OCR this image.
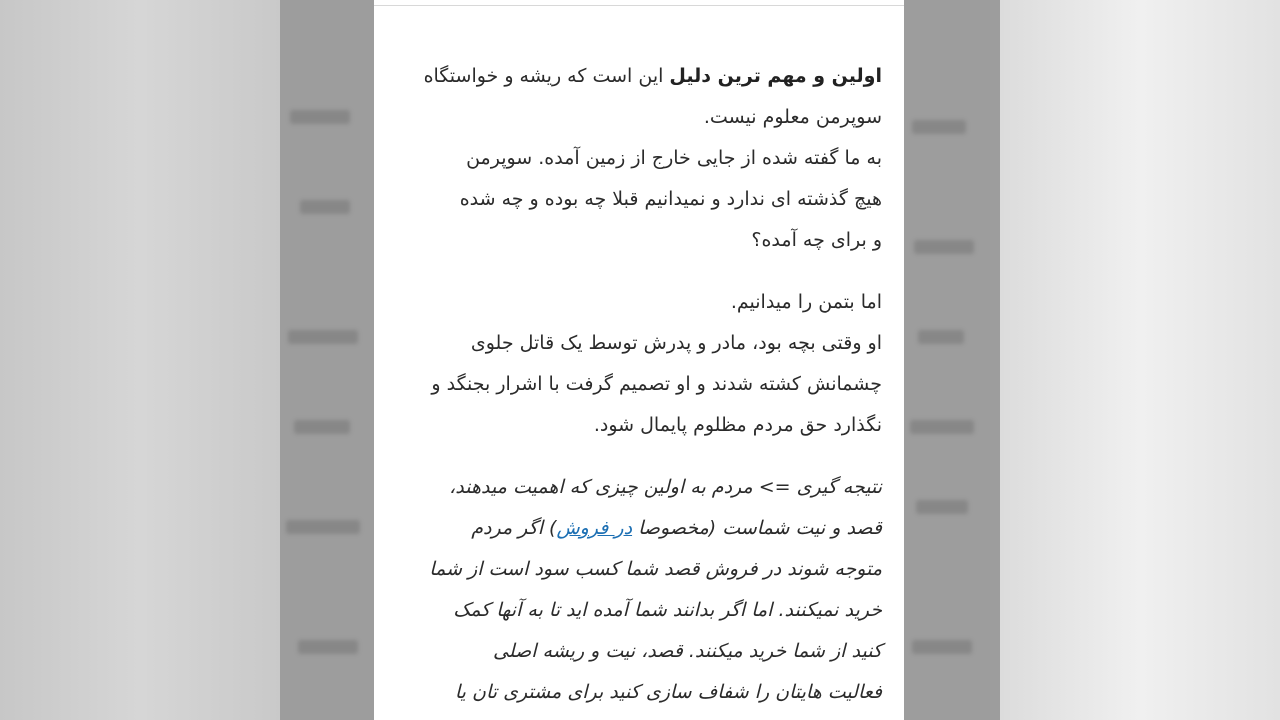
اولین و مهم ترین دلیل این است که ریشه و خواستگاه
سوپرمن معلوم نیست.
به ما گفته شده از جایی خارج از زمین آمده. سوپرمن
هیچ گذشته ای ندارد و نمیدانیم قبلا چه بوده و چه شده
و برای چه آمده؟

اما بتمن را میدانیم.
او وقتی بچه بود، مادر و پدرش توسط یک قاتل جلوی
چشمانش کشته شدند و او تصمیم گرفت با اشرار بجنگد و
نگذارد حق مردم مظلوم پایمال شود.

نتیجه گیری => مردم به اولین چیزی که اهمیت میدهند،
قصد و نیت شماست (مخصوصا در فروش) اگر مردم
متوجه شوند در فروش قصد شما کسب سود است از شما
خرید نمیکنند. اما اگر بدانند شما آمده اید تا به آنها کمک
کنید از شما خرید میکنند. قصد، نیت و ریشه اصلی
فعالیت هایتان را شفاف سازی کنید برای مشتری تان یا
